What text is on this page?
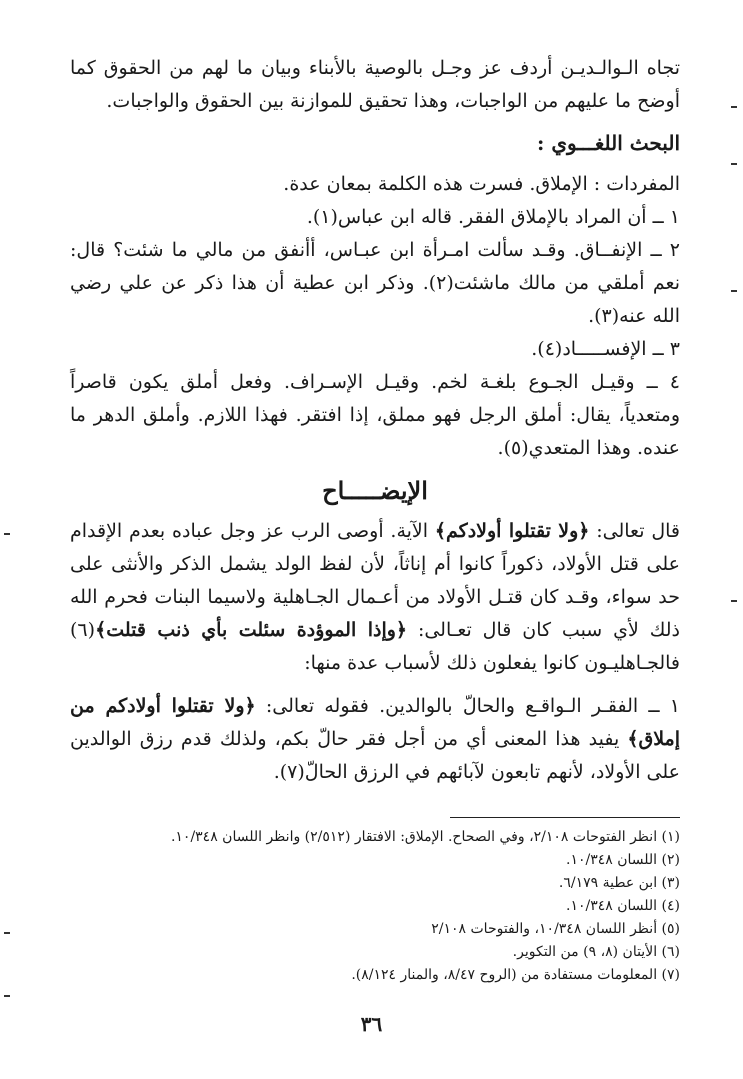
تجاه الـوالـديـن أردف عز وجـل بالوصية بالأبناء وبيان ما لهم من الحقوق كما أوضح ما عليهم من الواجبات، وهذا تحقيق للموازنة بين الحقوق والواجبات.

البحث اللغـــوي :

المفردات : الإملاق. فسرت هذه الكلمة بمعان عدة.

١ ــ أن المراد بالإملاق الفقر. قاله ابن عباس(١).

٢ ــ الإنفــاق. وقـد سألت امـرأة ابن عبـاس، أأنفق من مالي ما شئت؟ قال: نعم أملقي من مالك ماشئت(٢). وذكر ابن عطية أن هذا ذكر عن علي رضي الله عنه(٣).

٣ ــ الإفســـــاد(٤).

٤ ــ وقيـل الجـوع بلغـة لخم. وقيـل الإسـراف. وفعل أملق يكون قاصراً ومتعدياً، يقال: أملق الرجل فهو مملق، إذا افتقر. فهذا اللازم. وأملق الدهر ما عنده. وهذا المتعدي(٥).

الإيضـــــاح

قال تعالى: ﴿ولا تقتلوا أولادكم﴾ الآية. أوصى الرب عز وجل عباده بعدم الإقدام على قتل الأولاد، ذكوراً كانوا أم إناثاً، لأن لفظ الولد يشمل الذكر والأنثى على حد سواء، وقـد كان قتـل الأولاد من أعـمال الجـاهلية ولاسيما البنات فحرم الله ذلك لأي سبب كان قال تعـالى: ﴿وإذا الموؤدة سئلت بأي ذنب قتلت﴾(٦) فالجـاهليـون كانوا يفعلون ذلك لأسباب عدة منها:

١ ــ الفقـر الـواقـع والحالّ بالوالدين. فقوله تعالى: ﴿ولا تقتلوا أولادكم من إملاق﴾ يفيد هذا المعنى أي من أجل فقر حالّ بكم، ولذلك قدم رزق الوالدين على الأولاد، لأنهم تابعون لآبائهم في الرزق الحالّ(٧).

(١) انظر الفتوحات ٢/١٠٨، وفي الصحاح. الإملاق: الافتقار (٢/٥١٢) وانظر اللسان ١٠/٣٤٨.
(٢) اللسان ١٠/٣٤٨.
(٣) ابن عطية ٦/١٧٩.
(٤) اللسان ١٠/٣٤٨.
(٥) أنظر اللسان ١٠/٣٤٨، والفتوحات ٢/١٠٨
(٦) الأيتان (٨، ٩) من التكوير.
(٧) المعلومات مستفادة من (الروح ٨/٤٧، والمنار ٨/١٢٤).
٣٦
